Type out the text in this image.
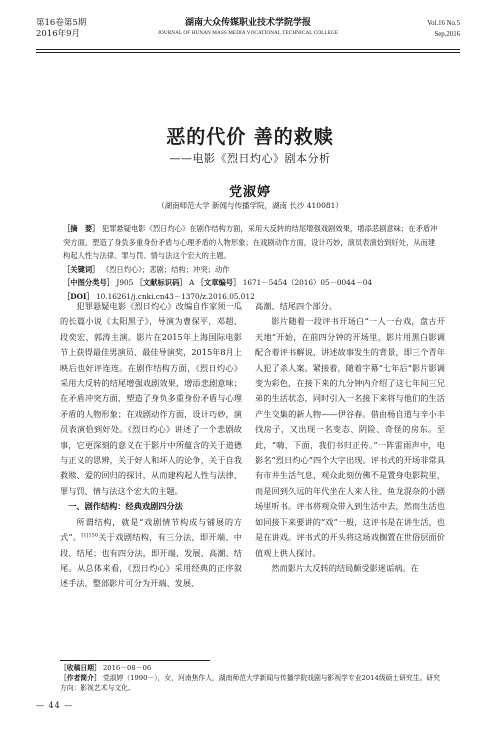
第16卷第5期
2016年9月
湖南大众传媒职业技术学院学报
JOURNAL OF HUNAN MASS MEDIA VOCATIONAL TECHNICAL COLLEGE
Vol.16 No.5
Sep.2016
恶的代价 善的救赎
——电影《烈日灼心》剧本分析
党淑婷
（湖南师范大学 新闻与传播学院，湖南 长沙 410081）
［摘　要］ 犯罪悬疑电影《烈日灼心》在剧作结构方面，采用大反转的结尾增强戏剧效果，增添悲剧意味；在矛盾冲突方面，塑造了身负多重身份矛盾与心理矛盾的人物形象；在戏剧动作方面，设计巧妙，演员表演恰到好处，从而建构起人性与法律、罪与罚、情与法这个宏大的主题。
［关键词］ 《烈日灼心》；悲剧；结构；冲突；动作
［中图分类号］ J905 ［文献标识码］ A ［文章编号］ 1671－5454（2016）05－0044－04
［DOI］ 10.16261/j.cnki.cn43－1370/z.2016.05.012

犯罪悬疑电影《烈日灼心》改编自作家须一瓜的长篇小说《太阳黑子》，导演为曹保平，邓超、段奕宏、郭涛主演。影片在2015年上海国际电影节上获得最佳男演员、最佳导演奖，2015年8月上映后也好评连连。在剧作结构方面，《烈日灼心》采用大反转的结尾增强戏剧效果，增添悲剧意味；在矛盾冲突方面，塑造了身负多重身份矛盾与心理矛盾的人物形象；在戏剧动作方面，设计巧妙，演员表演恰到好处。《烈日灼心》讲述了一个悲剧故事，它更深刻的意义在于影片中所蕴含的关于道德与正义的思辨，关于好人和坏人的论争，关于自我救赎、爱的回归的探讨，从而建构起人性与法律、罪与罚、情与法这个宏大的主题。

一、剧作结构：经典戏剧四分法

所谓结构，就是“戏剧情节构成与铺展的方式”。$^{[1]150}$关于戏剧结构，有三分法，即开端、中段、结尾；也有四分法，即开端、发展、高潮、结尾。从总体来看，《烈日灼心》采用经典的正序叙述手法，整部影片可分为开端、发展、

高潮、结尾四个部分。

影片随着一段评书开场白“一人一台戏，盘古开天地”开始，在前四分钟的开场里，影片用黑白影调配合着评书解说，讲述故事发生的背景，即三个青年人犯了杀人案。紧接着，随着字幕“七年后”影片影调变为彩色，在接下来的九分钟内介绍了这七年间三兄弟的生活状态，同时引入一名接下来将与他们的生活产生交集的新人物——伊谷春。借由杨自道与辛小丰找房子，又出现一名变态、阴险、奇怪的房东。至此，“嗨，下面，我们书归正传。”一阵雷雨声中，电影名“烈日灼心”四个大字出现。评书式的开场非常具有市井生活气息，观众此刻仿佛不是置身电影院里，而是回到久远的年代坐在人来人往、鱼龙混杂的小剧场里听书。评书将观众带入到生活中去，然而生活也如同接下来要讲的“戏”一般，这评书是在讲生活，也是在讲戏。评书式的开头将这场戏搁置在世俗层面价值观上供人探讨。

然而影片大反转的结局颇受影迷诟病。在

［收稿日期］ 2016－08－06
［作者简介］ 党淑婷（1990－），女，河南焦作人，湖南师范大学新闻与传播学院戏剧与影视学专业2014级硕士研究生。研究方向：影视艺术与文化。
— 44 —
